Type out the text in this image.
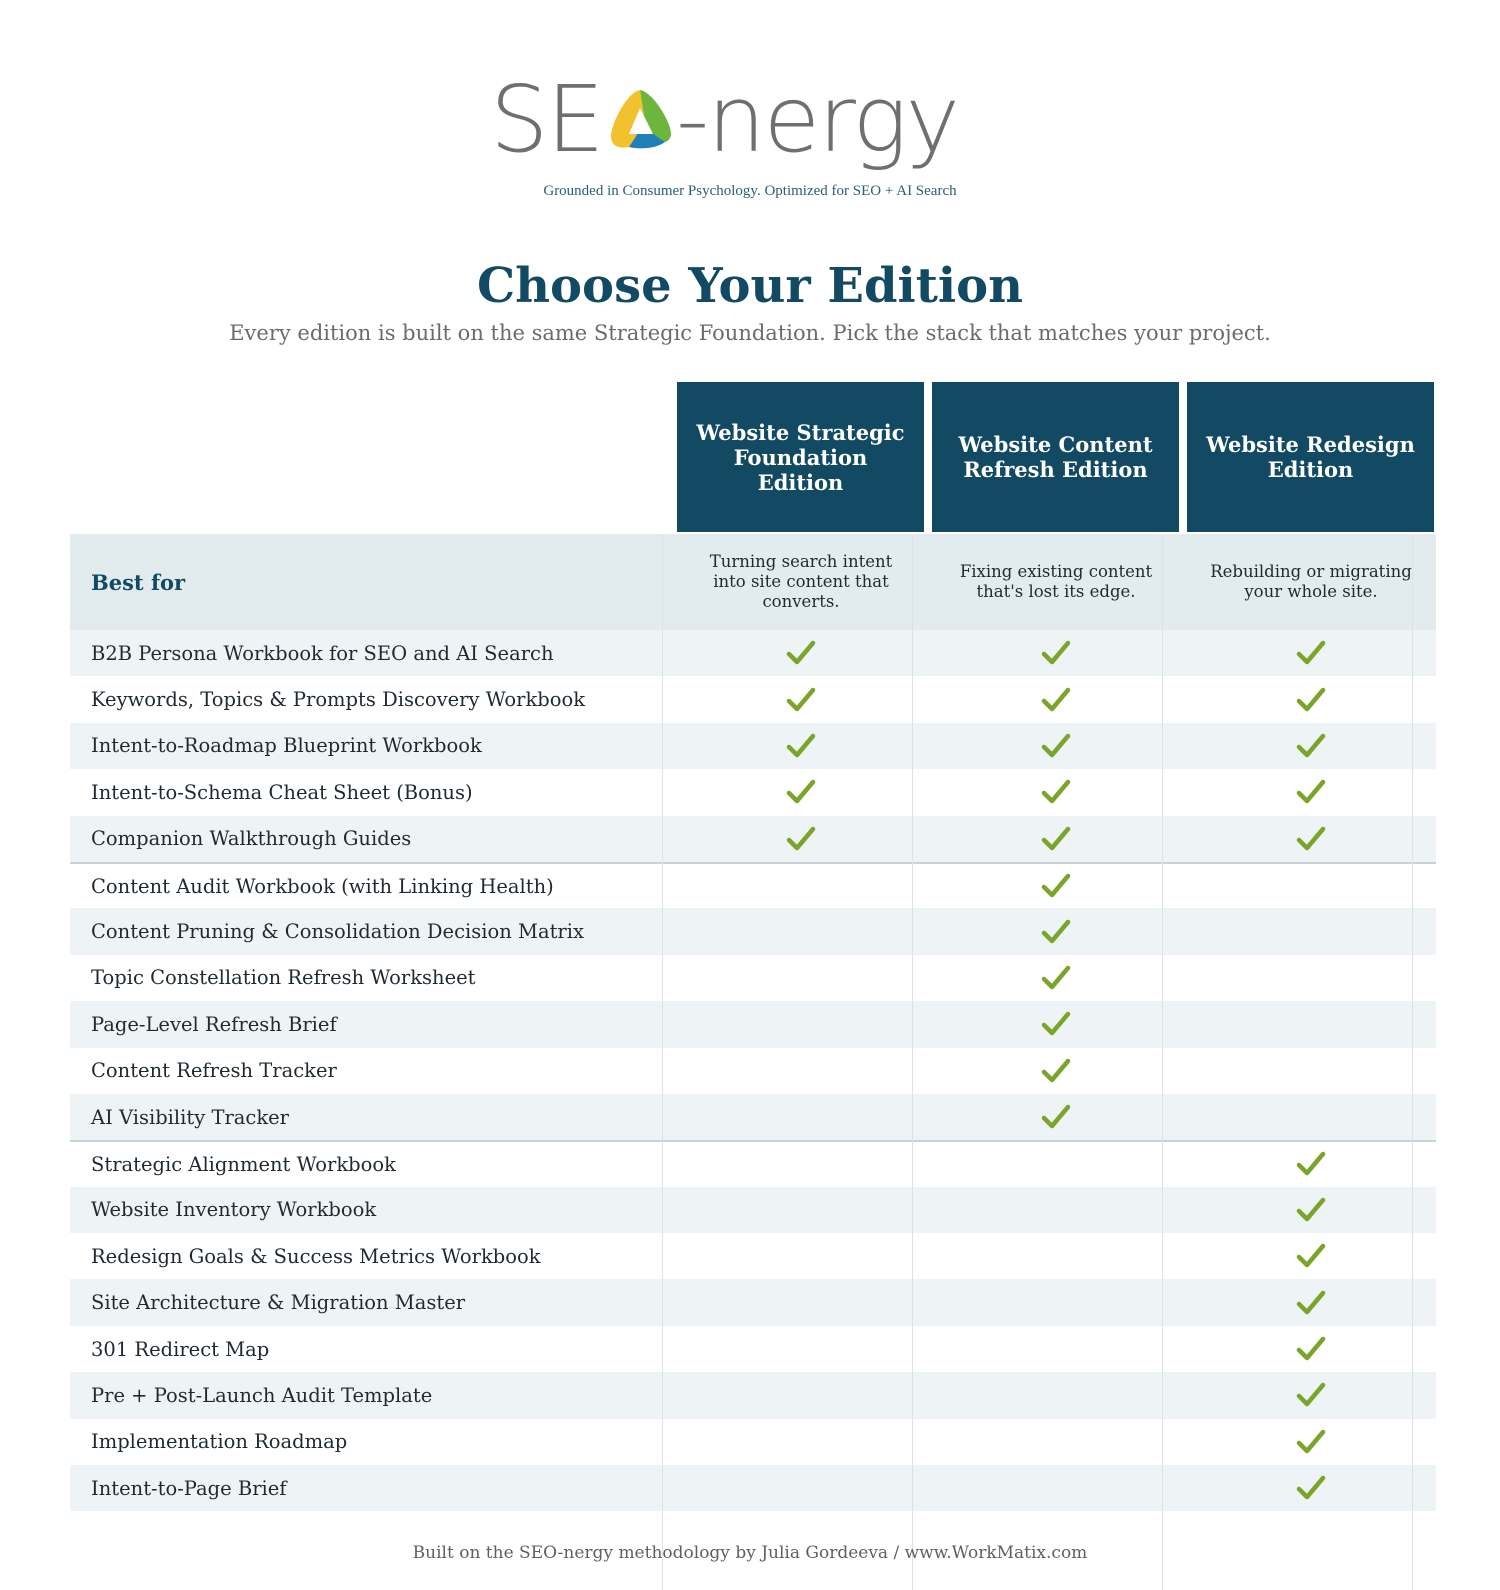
SE -nergy
Grounded in Consumer Psychology. Optimized for SEO + AI Search
Choose Your Edition

Every edition is built on the same Strategic Foundation. Pick the stack that matches your project.

Website Strategic Foundation Edition
Website Content Refresh Edition
Website Redesign Edition
Best for
Turning search intent into site content that converts.
Fixing existing content that's lost its edge.
Rebuilding or migrating your whole site.
B2B Persona Workbook for SEO and AI Search
Keywords, Topics & Prompts Discovery Workbook
Intent-to-Roadmap Blueprint Workbook
Intent-to-Schema Cheat Sheet (Bonus)
Companion Walkthrough Guides
Content Audit Workbook (with Linking Health)
Content Pruning & Consolidation Decision Matrix
Topic Constellation Refresh Worksheet
Page-Level Refresh Brief
Content Refresh Tracker
AI Visibility Tracker
Strategic Alignment Workbook
Website Inventory Workbook
Redesign Goals & Success Metrics Workbook
Site Architecture & Migration Master
301 Redirect Map
Pre + Post-Launch Audit Template
Implementation Roadmap
Intent-to-Page Brief
Built on the SEO-nergy methodology by Julia Gordeeva / www.WorkMatix.com
